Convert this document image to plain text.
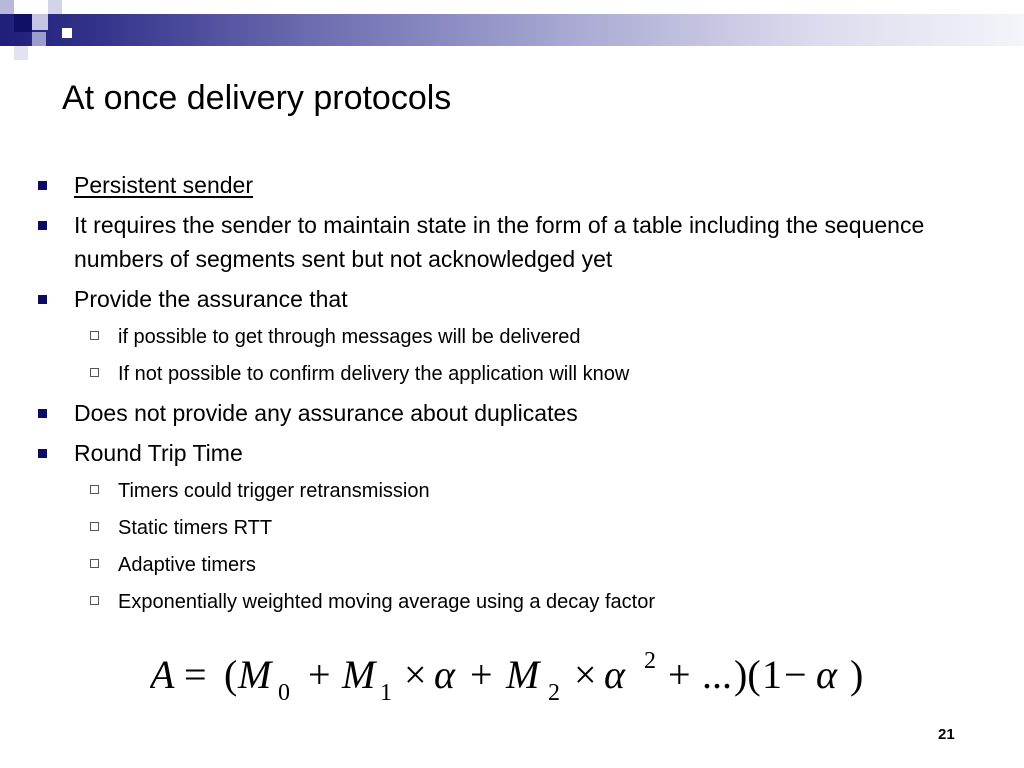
At once delivery protocols
Persistent sender
It requires the sender to maintain state in the form of a table including the sequence numbers of segments sent but not acknowledged yet
Provide the assurance that
if possible to get through messages will be delivered
If not possible to confirm delivery the application will know
Does not provide any assurance about duplicates
Round Trip Time
Timers could trigger retransmission
Static timers RTT
Adaptive timers
Exponentially weighted moving average using a decay factor
A = ( M 0 + M 1 × α + M 2 × α 2 + ... )( 1 − α )
21
